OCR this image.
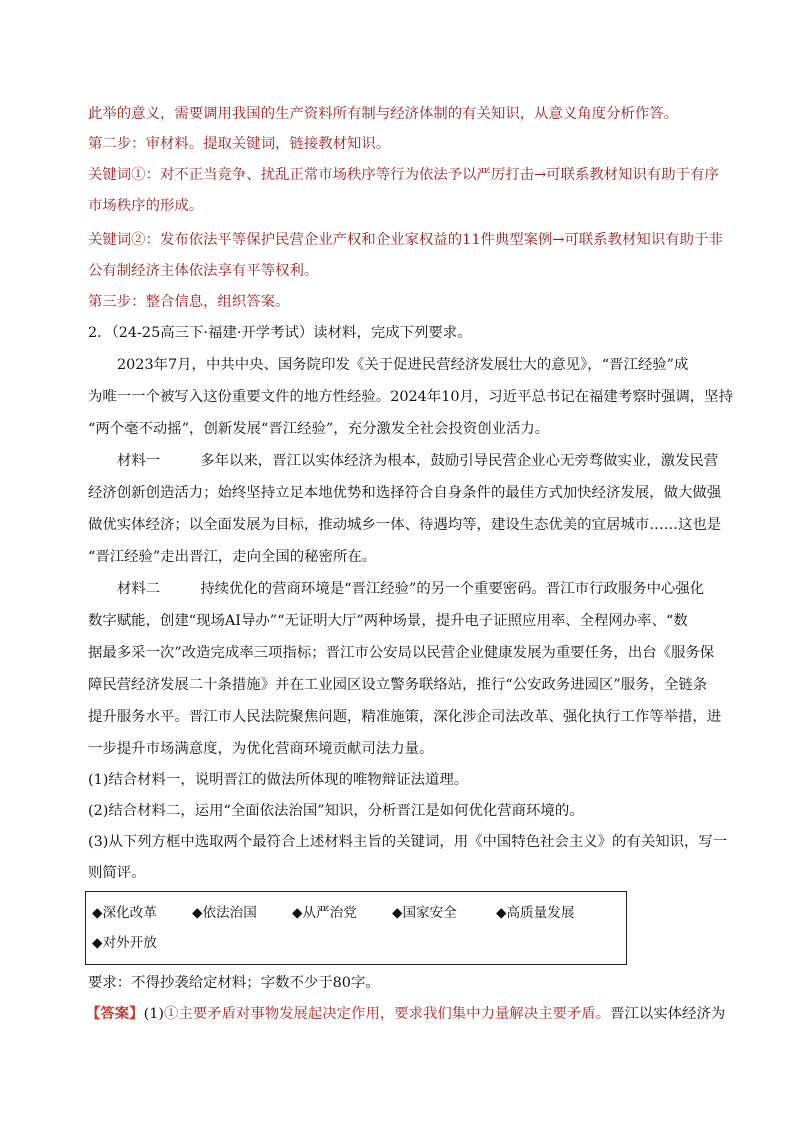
此举的意义，需要调用我国的生产资料所有制与经济体制的有关知识，从意义角度分析作答。
第二步：审材料。提取关键词，链接教材知识。
关键词①：对不正当竞争、扰乱正常市场秩序等行为依法予以严厉打击→可联系教材知识有助于有序
市场秩序的形成。
关键词②：发布依法平等保护民营企业产权和企业家权益的11件典型案例→可联系教材知识有助于非
公有制经济主体依法享有平等权利。
第三步：整合信息，组织答案。
2．（24-25高三下·福建·开学考试）读材料，完成下列要求。
2023年7月，中共中央、国务院印发《关于促进民营经济发展壮大的意见》，“晋江经验”成
为唯一一个被写入这份重要文件的地方性经验。2024年10月，习近平总书记在福建考察时强调，坚持
“两个毫不动摇”，创新发展“晋江经验”，充分激发全社会投资创业活力。
材料一	多年以来，晋江以实体经济为根本，鼓励引导民营企业心无旁骛做实业，激发民营
经济创新创造活力；始终坚持立足本地优势和选择符合自身条件的最佳方式加快经济发展，做大做强
做优实体经济；以全面发展为目标，推动城乡一体、待遇均等，建设生态优美的宜居城市……这也是
“晋江经验”走出晋江，走向全国的秘密所在。
材料二	持续优化的营商环境是“晋江经验”的另一个重要密码。晋江市行政服务中心强化
数字赋能，创建“现场AI导办”“无证明大厅”两种场景，提升电子证照应用率、全程网办率、“数
据最多采一次”改造完成率三项指标；晋江市公安局以民营企业健康发展为重要任务，出台《服务保
障民营经济发展二十条措施》并在工业园区设立警务联络站，推行“公安政务进园区”服务，全链条
提升服务水平。晋江市人民法院聚焦问题，精准施策，深化涉企司法改革、强化执行工作等举措，进
一步提升市场满意度，为优化营商环境贡献司法力量。
(1)结合材料一，说明晋江的做法所体现的唯物辩证法道理。
(2)结合材料二，运用“全面依法治国”知识，分析晋江是如何优化营商环境的。
(3)从下列方框中选取两个最符合上述材料主旨的关键词，用《中国特色社会主义》的有关知识，写一
则简评。
◆深化改革	◆依法治国	◆从严治党	◆国家安全	◆高质量发展
◆对外开放
要求：不得抄袭给定材料；字数不少于80字。
【答案】(1)①主要矛盾对事物发展起决定作用，要求我们集中力量解决主要矛盾。晋江以实体经济为
